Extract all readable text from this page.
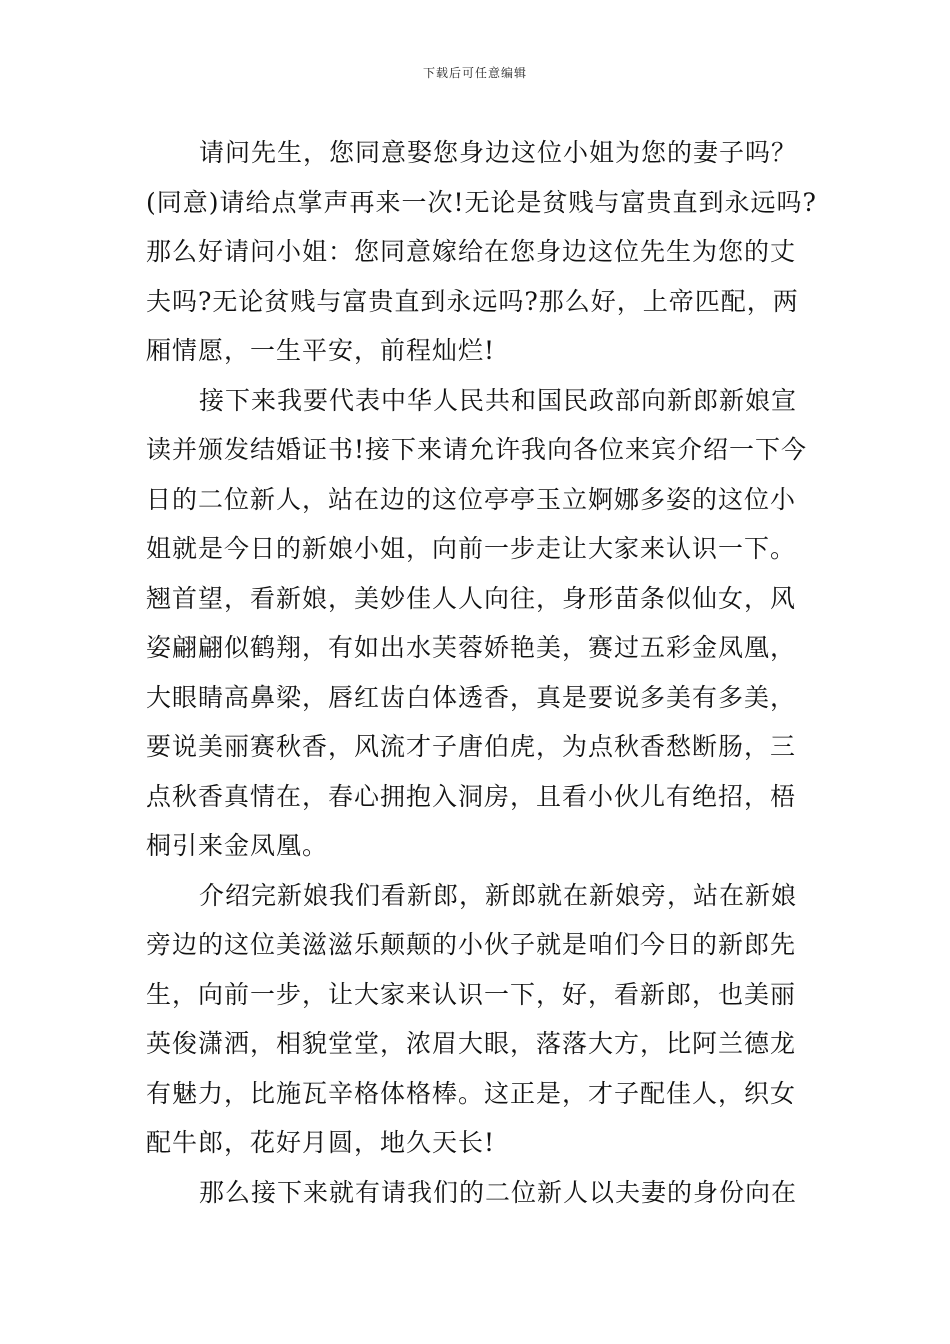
下载后可任意编辑
请问先生，您同意娶您身边这位小姐为您的妻子吗？
(同意)请给点掌声再来一次!无论是贫贱与富贵直到永远吗?
那么好请问小姐：您同意嫁给在您身边这位先生为您的丈
夫吗?无论贫贱与富贵直到永远吗?那么好，上帝匹配，两
厢情愿，一生平安，前程灿烂!
接下来我要代表中华人民共和国民政部向新郎新娘宣
读并颁发结婚证书!接下来请允许我向各位来宾介绍一下今
日的二位新人，站在边的这位亭亭玉立婀娜多姿的这位小
姐就是今日的新娘小姐，向前一步走让大家来认识一下。
翘首望，看新娘，美妙佳人人向往，身形苗条似仙女，风
姿翩翩似鹤翔，有如出水芙蓉娇艳美，赛过五彩金凤凰，
大眼睛高鼻梁，唇红齿白体透香，真是要说多美有多美，
要说美丽赛秋香，风流才子唐伯虎，为点秋香愁断肠，三
点秋香真情在，春心拥抱入洞房，且看小伙儿有绝招，梧
桐引来金凤凰。
介绍完新娘我们看新郎，新郎就在新娘旁，站在新娘
旁边的这位美滋滋乐颠颠的小伙子就是咱们今日的新郎先
生，向前一步，让大家来认识一下，好，看新郎，也美丽
英俊潇洒，相貌堂堂，浓眉大眼，落落大方，比阿兰德龙
有魅力，比施瓦辛格体格棒。这正是，才子配佳人，织女
配牛郎，花好月圆，地久天长!
那么接下来就有请我们的二位新人以夫妻的身份向在
